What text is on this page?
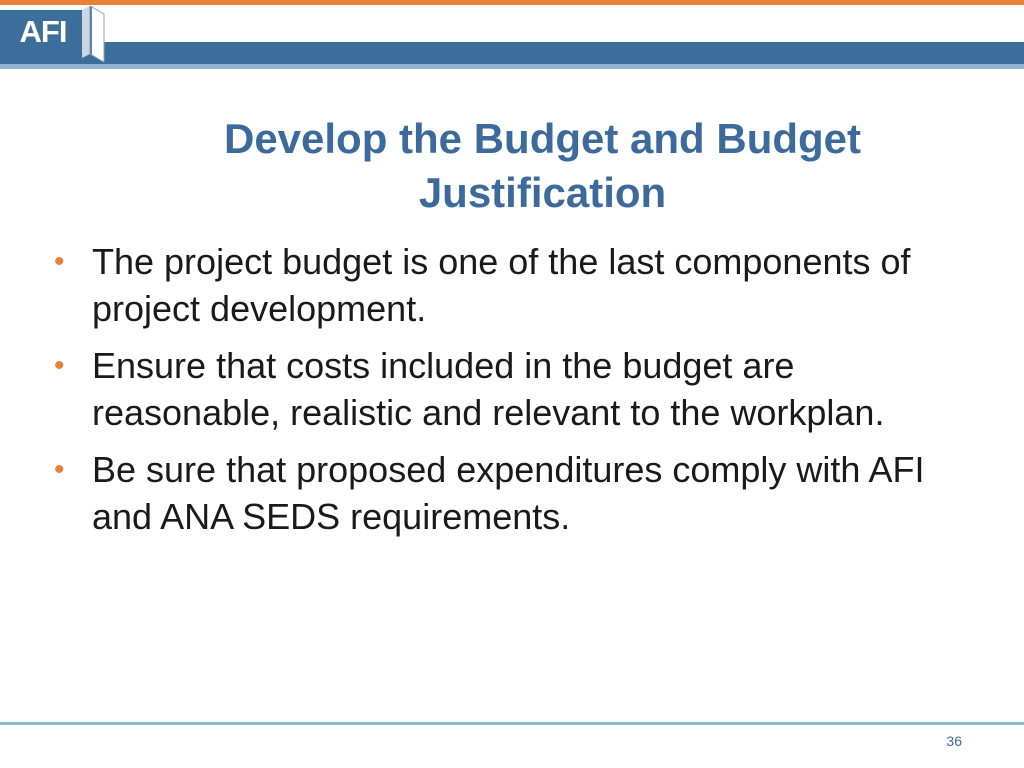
AFI
Develop the Budget and Budget Justification
• The project budget is one of the last components of project development.
• Ensure that costs included in the budget are reasonable, realistic and relevant to the workplan.
• Be sure that proposed expenditures comply with AFI and ANA SEDS requirements.
36
